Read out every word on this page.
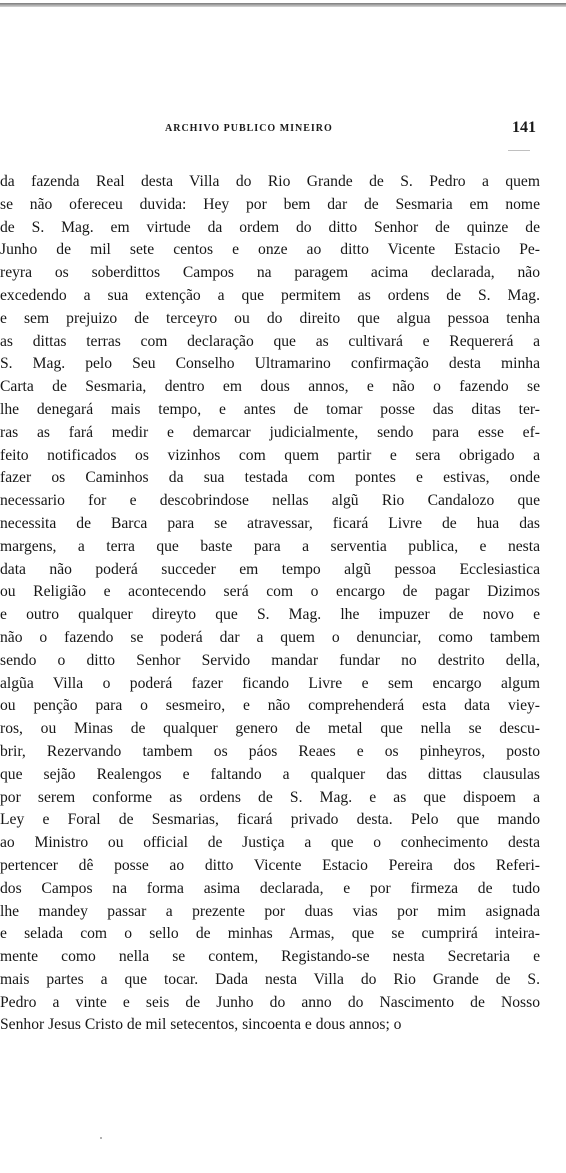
ARCHIVO PUBLICO MINEIRO	141
da fazenda Real desta Villa do Rio Grande de S. Pedro a quem
se não ofereceu duvida: Hey por bem dar de Sesmaria em nome
de S. Mag. em virtude da ordem do ditto Senhor de quinze de
Junho de mil sete centos e onze ao ditto Vicente Estacio Pe-
reyra os soberdittos Campos na paragem acima declarada, não
excedendo a sua extenção a que permitem as ordens de S. Mag.
e sem prejuizo de terceyro ou do direito que algua pessoa tenha
as dittas terras com declaração que as cultivará e Requererá a
S. Mag. pelo Seu Conselho Ultramarino confirmação desta minha
Carta de Sesmaria, dentro em dous annos, e não o fazendo se
lhe denegará mais tempo, e antes de tomar posse das ditas ter-
ras as fará medir e demarcar judicialmente, sendo para esse ef-
feito notificados os vizinhos com quem partir e sera obrigado a
fazer os Caminhos da sua testada com pontes e estivas, onde
necessario for e descobrindose nellas algũ Rio Candalozo que
necessita de Barca para se atravessar, ficará Livre de hua das
margens, a terra que baste para a serventia publica, e nesta
data não poderá succeder em tempo algũ pessoa Ecclesiastica
ou Religião e acontecendo será com o encargo de pagar Dizimos
e outro qualquer direyto que S. Mag. lhe impuzer de novo e
não o fazendo se poderá dar a quem o denunciar, como tambem
sendo o ditto Senhor Servido mandar fundar no destrito della,
algũa Villa o poderá fazer ficando Livre e sem encargo algum
ou penção para o sesmeiro, e não comprehenderá esta data viey-
ros, ou Minas de qualquer genero de metal que nella se descu-
brir, Rezervando tambem os páos Reaes e os pinheyros, posto
que sejão Realengos e faltando a qualquer das dittas clausulas
por serem conforme as ordens de S. Mag. e as que dispoem a
Ley e Foral de Sesmarias, ficará privado desta. Pelo que mando
ao Ministro ou official de Justiça a que o conhecimento desta
pertencer dê posse ao ditto Vicente Estacio Pereira dos Referi-
dos Campos na forma asima declarada, e por firmeza de tudo
lhe mandey passar a prezente por duas vias por mim asignada
e selada com o sello de minhas Armas, que se cumprirá inteira-
mente como nella se contem, Registando-se nesta Secretaria e
mais partes a que tocar. Dada nesta Villa do Rio Grande de S.
Pedro a vinte e seis de Junho do anno do Nascimento de Nosso
Senhor Jesus Cristo de mil setecentos, sincoenta e dous annos; o
